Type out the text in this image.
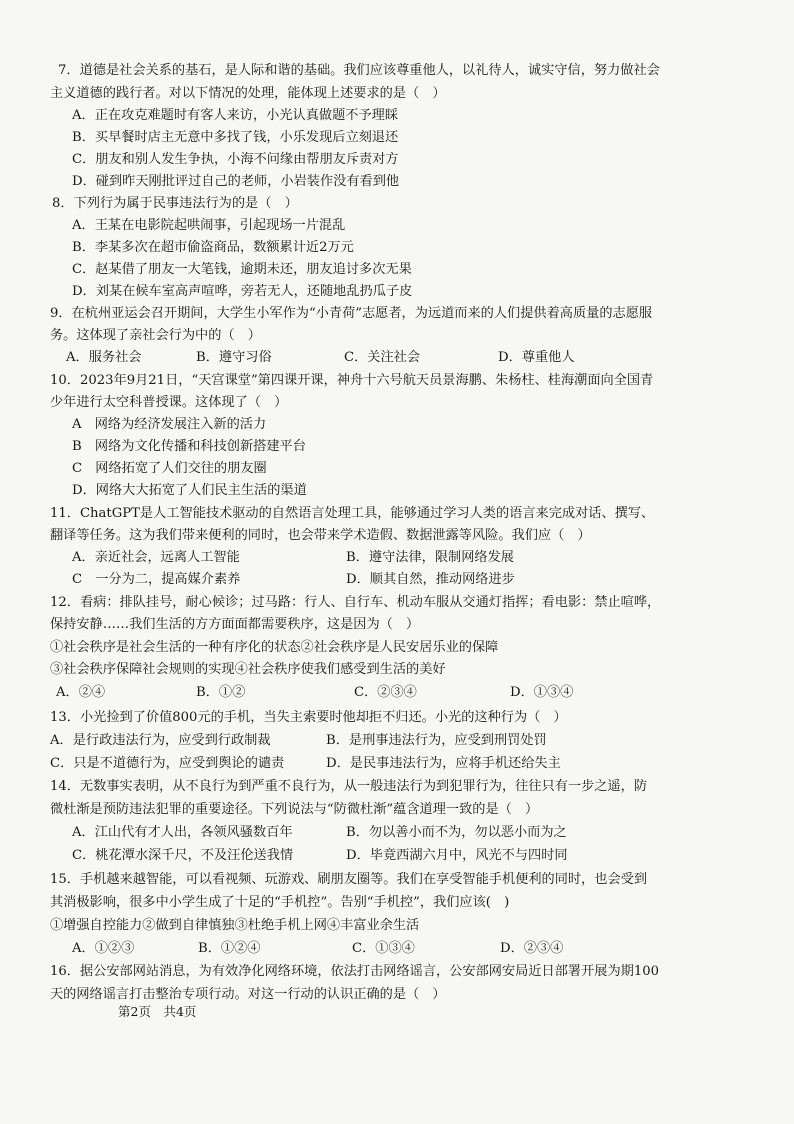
7．道德是社会关系的基石，是人际和谐的基础。我们应该尊重他人，以礼待人，诚实守信，努力做社会
主义道德的践行者。对以下情况的处理，能体现上述要求的是（　）
A．正在攻克难题时有客人来访，小光认真做题不予理睬
B．买早餐时店主无意中多找了钱，小乐发现后立刻退还
C．朋友和别人发生争执，小海不问缘由帮朋友斥责对方
D．碰到昨天刚批评过自己的老师，小岩装作没有看到他
8．下列行为属于民事违法行为的是（　）
A．王某在电影院起哄闹事，引起现场一片混乱
B．李某多次在超市偷盗商品，数额累计近2万元
C．赵某借了朋友一大笔钱，逾期未还，朋友追讨多次无果
D．刘某在候车室高声喧哗，旁若无人，还随地乱扔瓜子皮
9．在杭州亚运会召开期间，大学生小军作为“小青荷”志愿者，为远道而来的人们提供着高质量的志愿服
务。这体现了亲社会行为中的（　）
A．服务社会	B．遵守习俗	C．关注社会	D．尊重他人
10．2023年9月21日，“天宫课堂”第四课开课，神舟十六号航天员景海鹏、朱杨柱、桂海潮面向全国青
少年进行太空科普授课。这体现了（　）
A　网络为经济发展注入新的活力
B　网络为文化传播和科技创新搭建平台
C　网络拓宽了人们交往的朋友圈
D．网络大大拓宽了人们民主生活的渠道
11．ChatGPT是人工智能技术驱动的自然语言处理工具，能够通过学习人类的语言来完成对话、撰写、
翻译等任务。这为我们带来便利的同时，也会带来学术造假、数据泄露等风险。我们应（　）
A．亲近社会，远离人工智能	B．遵守法律，限制网络发展
C　一分为二，提高媒介素养	D．顺其自然，推动网络进步
12．看病：排队挂号，耐心候诊；过马路：行人、自行车、机动车服从交通灯指挥；看电影：禁止喧哗，
保持安静……我们生活的方方面面都需要秩序，这是因为（　）
①社会秩序是社会生活的一种有序化的状态②社会秩序是人民安居乐业的保障
③社会秩序保障社会规则的实现④社会秩序使我们感受到生活的美好
A．②④	B．①②	C．②③④	D．①③④
13．小光捡到了价值800元的手机，当失主索要时他却拒不归还。小光的这种行为（　）
A．是行政违法行为，应受到行政制裁	B．是刑事违法行为，应受到刑罚处罚
C．只是不道德行为，应受到舆论的谴责	D．是民事违法行为，应将手机还给失主
14．无数事实表明，从不良行为到严重不良行为，从一般违法行为到犯罪行为，往往只有一步之遥，防
微杜渐是预防违法犯罪的重要途径。下列说法与“防微杜渐”蕴含道理一致的是（　）
A．江山代有才人出，各领风骚数百年	B．勿以善小而不为，勿以恶小而为之
C．桃花潭水深千尺，不及汪伦送我情	D．毕竟西湖六月中，风光不与四时同
15．手机越来越智能，可以看视频、玩游戏、刷朋友圈等。我们在享受智能手机便利的同时，也会受到
其消极影响，很多中小学生成了十足的“手机控”。告别“手机控”，我们应该(　)
①增强自控能力②做到自律慎独③杜绝手机上网④丰富业余生活
A．①②③	B．①②④	C．①③④	D．②③④
16．据公安部网站消息，为有效净化网络环境，依法打击网络谣言，公安部网安局近日部署开展为期100
天的网络谣言打击整治专项行动。对这一行动的认识正确的是（　）
第2页　共4页
